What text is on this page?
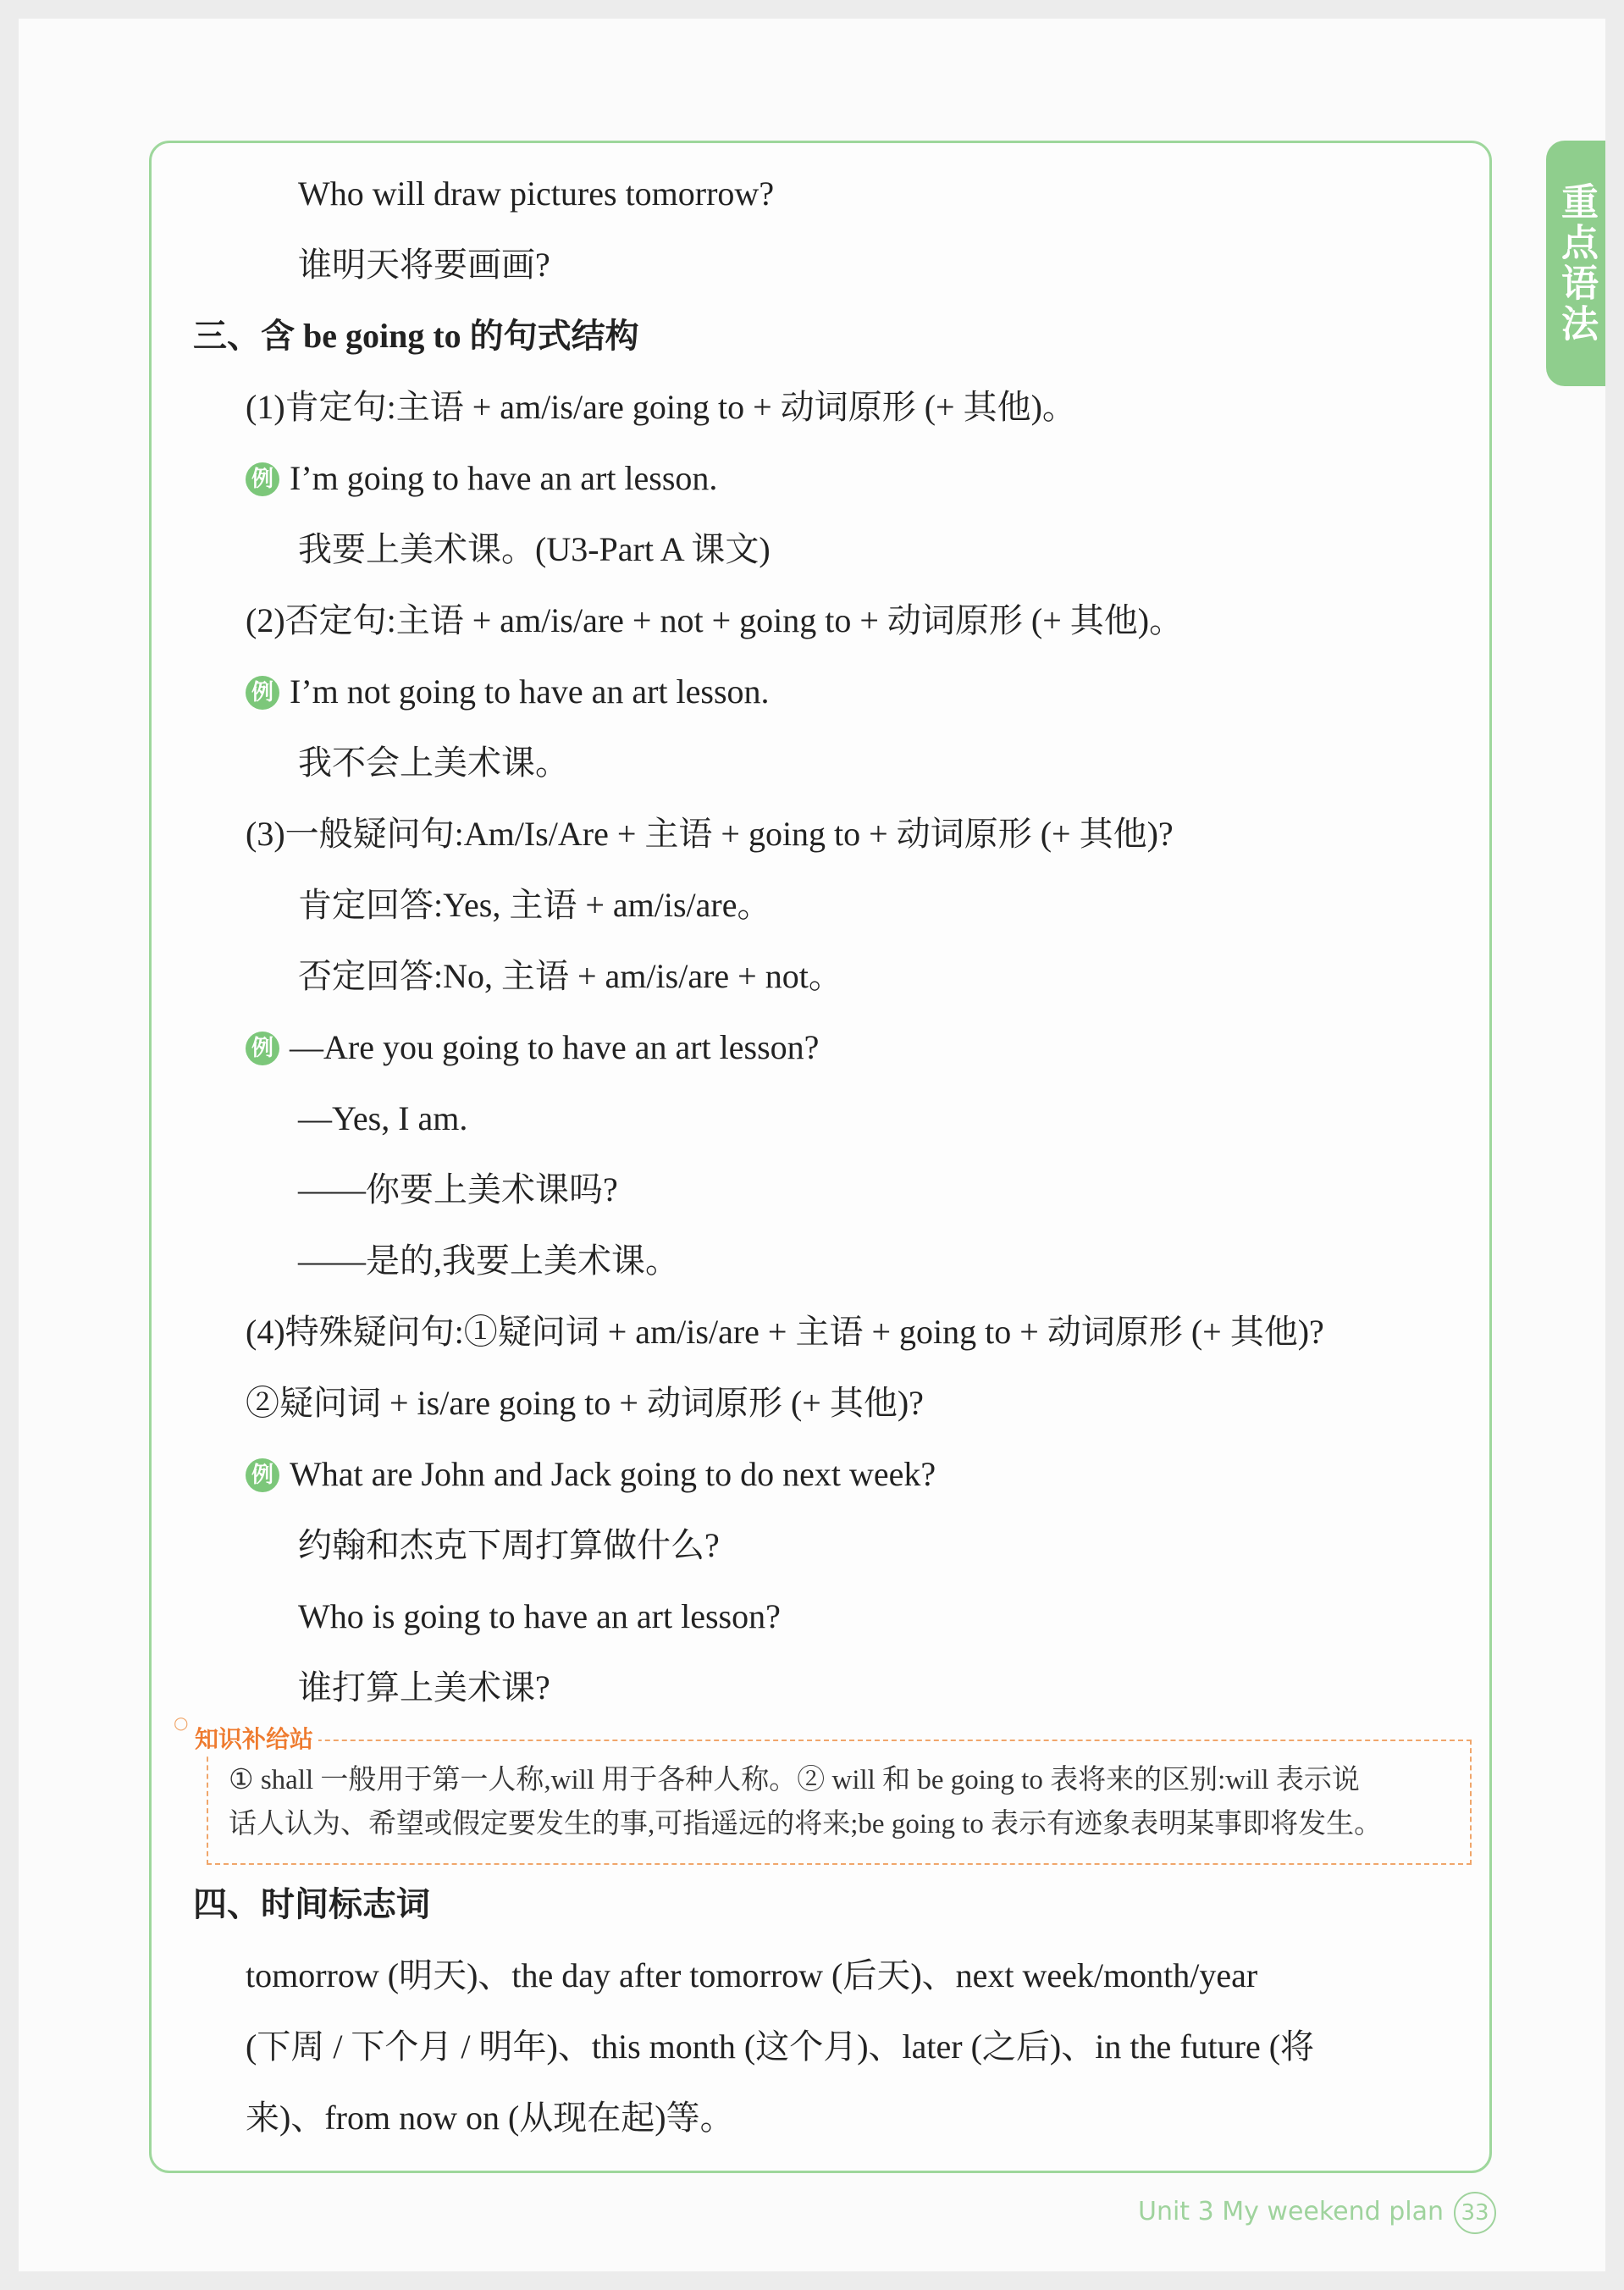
重点语法
Who will draw pictures tomorrow?
谁明天将要画画?
三、含 be going to 的句式结构
(1)肯定句:主语 + am/is/are going to + 动词原形 (+ 其他)。
例 I’m going to have an art lesson.
我要上美术课。(U3-Part A 课文)
(2)否定句:主语 + am/is/are + not + going to + 动词原形 (+ 其他)。
例 I’m not going to have an art lesson.
我不会上美术课。
(3)一般疑问句:Am/Is/Are + 主语 + going to + 动词原形 (+ 其他)?
肯定回答:Yes, 主语 + am/is/are。
否定回答:No, 主语 + am/is/are + not。
例 —Are you going to have an art lesson?
—Yes, I am.
——你要上美术课吗?
——是的,我要上美术课。
(4)特殊疑问句:①疑问词 + am/is/are + 主语 + going to + 动词原形 (+ 其他)?
②疑问词 + is/are going to + 动词原形 (+ 其他)?
例 What are John and Jack going to do next week?
约翰和杰克下周打算做什么?
Who is going to have an art lesson?
谁打算上美术课?
○
知识补给站
① shall 一般用于第一人称,will 用于各种人称。② will 和 be going to 表将来的区别:will 表示说
话人认为、希望或假定要发生的事,可指遥远的将来;be going to 表示有迹象表明某事即将发生。
四、时间标志词
tomorrow (明天)、the day after tomorrow (后天)、next week/month/year
(下周 / 下个月 / 明年)、this month (这个月)、later (之后)、in the future (将
来)、from now on (从现在起)等。
Unit 3 My weekend plan 33
